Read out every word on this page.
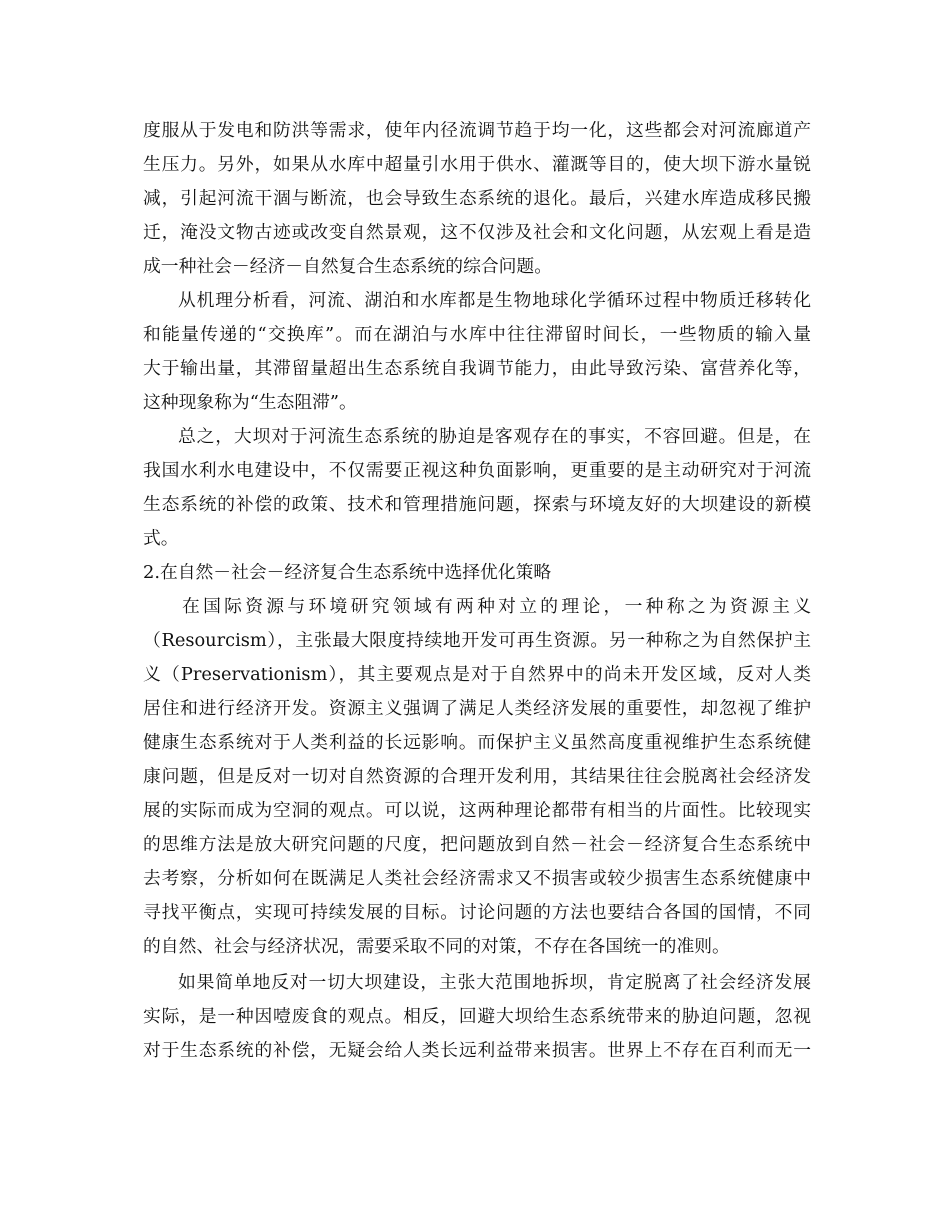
度服从于发电和防洪等需求，使年内径流调节趋于均一化，这些都会对河流廊道产
生压力。另外，如果从水库中超量引水用于供水、灌溉等目的，使大坝下游水量锐
减，引起河流干涸与断流，也会导致生态系统的退化。最后，兴建水库造成移民搬
迁，淹没文物古迹或改变自然景观，这不仅涉及社会和文化问题，从宏观上看是造
成一种社会－经济－自然复合生态系统的综合问题。
从机理分析看，河流、湖泊和水库都是生物地球化学循环过程中物质迁移转化
和能量传递的“交换库”。而在湖泊与水库中往往滞留时间长，一些物质的输入量
大于输出量，其滞留量超出生态系统自我调节能力，由此导致污染、富营养化等，
这种现象称为“生态阻滞”。
总之，大坝对于河流生态系统的胁迫是客观存在的事实，不容回避。但是，在
我国水利水电建设中，不仅需要正视这种负面影响，更重要的是主动研究对于河流
生态系统的补偿的政策、技术和管理措施问题，探索与环境友好的大坝建设的新模
式。
2.在自然－社会－经济复合生态系统中选择优化策略
在国际资源与环境研究领域有两种对立的理论，一种称之为资源主义
（Resourcism），主张最大限度持续地开发可再生资源。另一种称之为自然保护主
义（Preservationism），其主要观点是对于自然界中的尚未开发区域，反对人类
居住和进行经济开发。资源主义强调了满足人类经济发展的重要性，却忽视了维护
健康生态系统对于人类利益的长远影响。而保护主义虽然高度重视维护生态系统健
康问题，但是反对一切对自然资源的合理开发利用，其结果往往会脱离社会经济发
展的实际而成为空洞的观点。可以说，这两种理论都带有相当的片面性。比较现实
的思维方法是放大研究问题的尺度，把问题放到自然－社会－经济复合生态系统中
去考察，分析如何在既满足人类社会经济需求又不损害或较少损害生态系统健康中
寻找平衡点，实现可持续发展的目标。讨论问题的方法也要结合各国的国情，不同
的自然、社会与经济状况，需要采取不同的对策，不存在各国统一的准则。
如果简单地反对一切大坝建设，主张大范围地拆坝，肯定脱离了社会经济发展
实际，是一种因噎废食的观点。相反，回避大坝给生态系统带来的胁迫问题，忽视
对于生态系统的补偿，无疑会给人类长远利益带来损害。世界上不存在百利而无一
